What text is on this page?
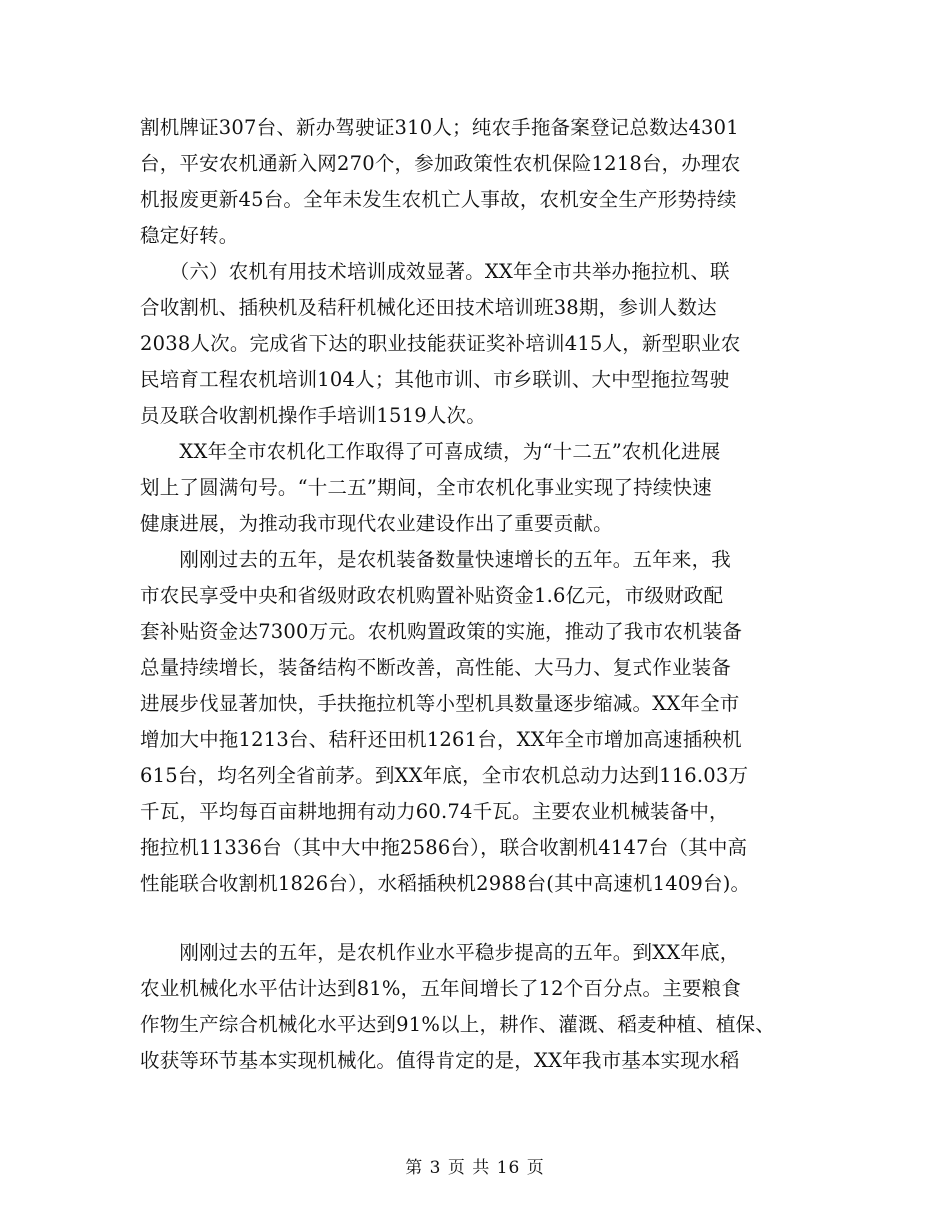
割机牌证307台、新办驾驶证310人；纯农手拖备案登记总数达4301
台，平安农机通新入网270个，参加政策性农机保险1218台，办理农
机报废更新45台。全年未发生农机亡人事故，农机安全生产形势持续
稳定好转。
　　（六）农机有用技术培训成效显著。XX年全市共举办拖拉机、联
合收割机、插秧机及秸秆机械化还田技术培训班38期，参训人数达
2038人次。完成省下达的职业技能获证奖补培训415人，新型职业农
民培育工程农机培训104人；其他市训、市乡联训、大中型拖拉驾驶
员及联合收割机操作手培训1519人次。
　　XX年全市农机化工作取得了可喜成绩，为“十二五”农机化进展
划上了圆满句号。“十二五”期间，全市农机化事业实现了持续快速
健康进展，为推动我市现代农业建设作出了重要贡献。
　　刚刚过去的五年，是农机装备数量快速增长的五年。五年来，我
市农民享受中央和省级财政农机购置补贴资金1.6亿元，市级财政配
套补贴资金达7300万元。农机购置政策的实施，推动了我市农机装备
总量持续增长，装备结构不断改善，高性能、大马力、复式作业装备
进展步伐显著加快，手扶拖拉机等小型机具数量逐步缩减。XX年全市
增加大中拖1213台、秸秆还田机1261台，XX年全市增加高速插秧机
615台，均名列全省前茅。到XX年底，全市农机总动力达到116.03万
千瓦，平均每百亩耕地拥有动力60.74千瓦。主要农业机械装备中，
拖拉机11336台（其中大中拖2586台），联合收割机4147台（其中高
性能联合收割机1826台），水稻插秧机2988台(其中高速机1409台)。
　　刚刚过去的五年，是农机作业水平稳步提高的五年。到XX年底，
农业机械化水平估计达到81%，五年间增长了12个百分点。主要粮食
作物生产综合机械化水平达到91%以上，耕作、灌溉、稻麦种植、植保、
收获等环节基本实现机械化。值得肯定的是，XX年我市基本实现水稻
第 3 页 共 16 页
